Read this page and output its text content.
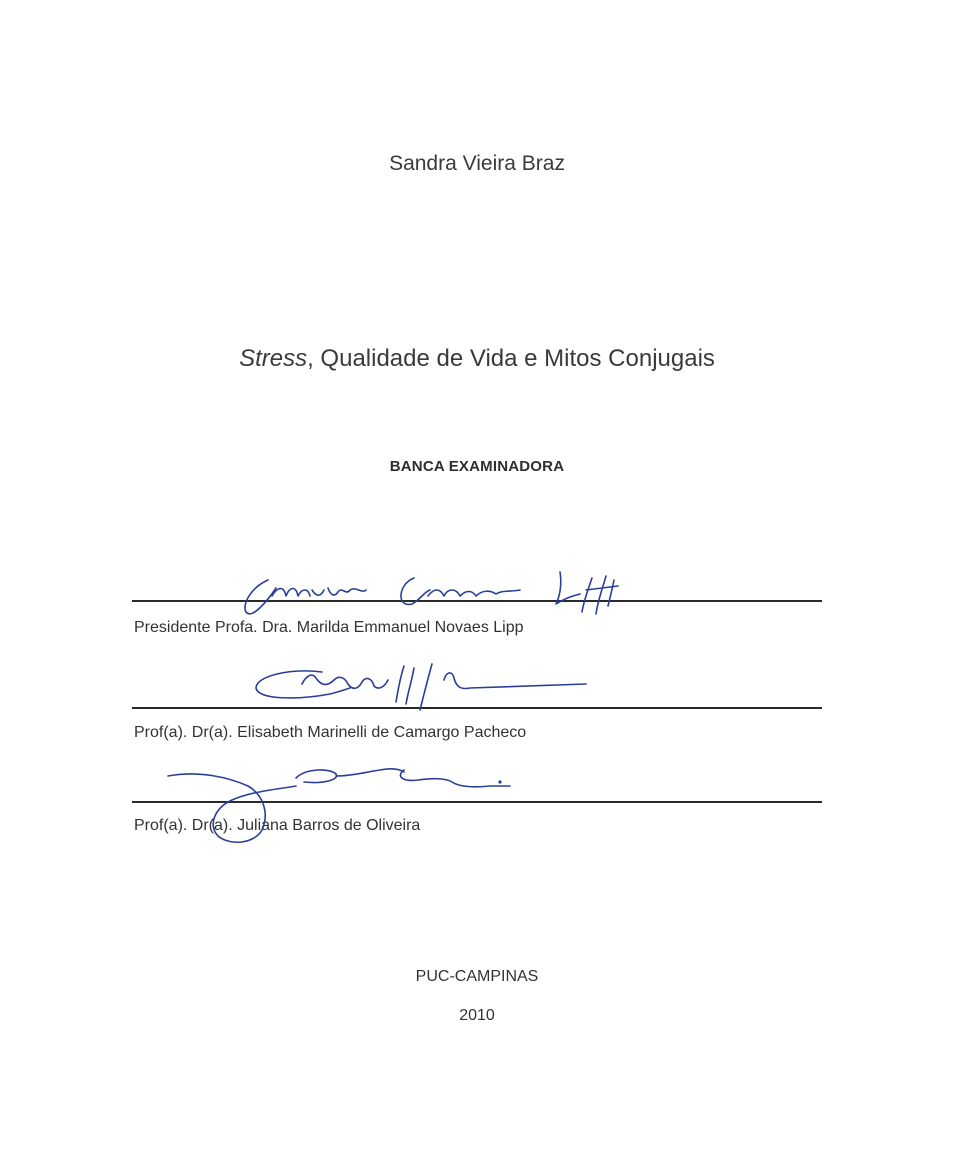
Sandra Vieira Braz
Stress, Qualidade de Vida e Mitos Conjugais
BANCA EXAMINADORA
Presidente Profa. Dra. Marilda Emmanuel Novaes Lipp
Prof(a). Dr(a). Elisabeth Marinelli de Camargo Pacheco
Prof(a). Dr(a). Juliana Barros de Oliveira
PUC-CAMPINAS
2010
